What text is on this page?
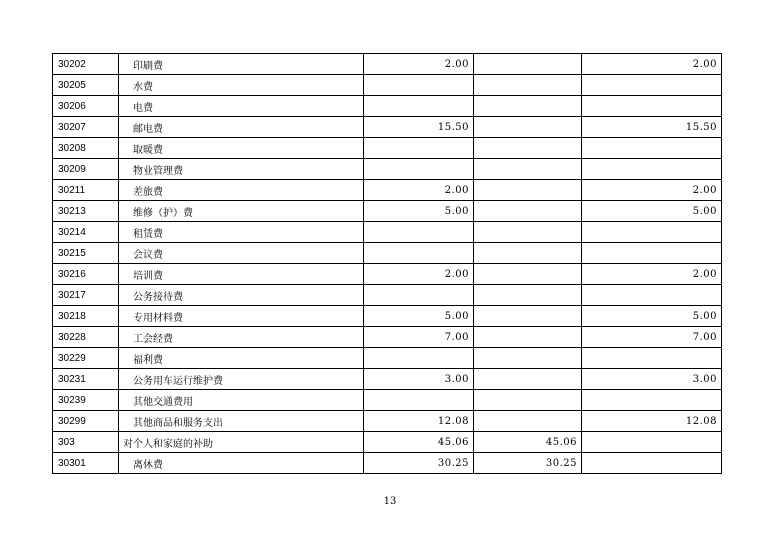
30202	印刷费	2.00		2.00
30205	水费			
30206	电费			
30207	邮电费	15.50		15.50
30208	取暖费			
30209	物业管理费			
30211	差旅费	2.00		2.00
30213	维修（护）费	5.00		5.00
30214	租赁费			
30215	会议费			
30216	培训费	2.00		2.00
30217	公务接待费			
30218	专用材料费	5.00		5.00
30228	工会经费	7.00		7.00
30229	福利费			
30231	公务用车运行维护费	3.00		3.00
30239	其他交通费用			
30299	其他商品和服务支出	12.08		12.08
303	对个人和家庭的补助	45.06	45.06	
30301	离休费	30.25	30.25	
13
